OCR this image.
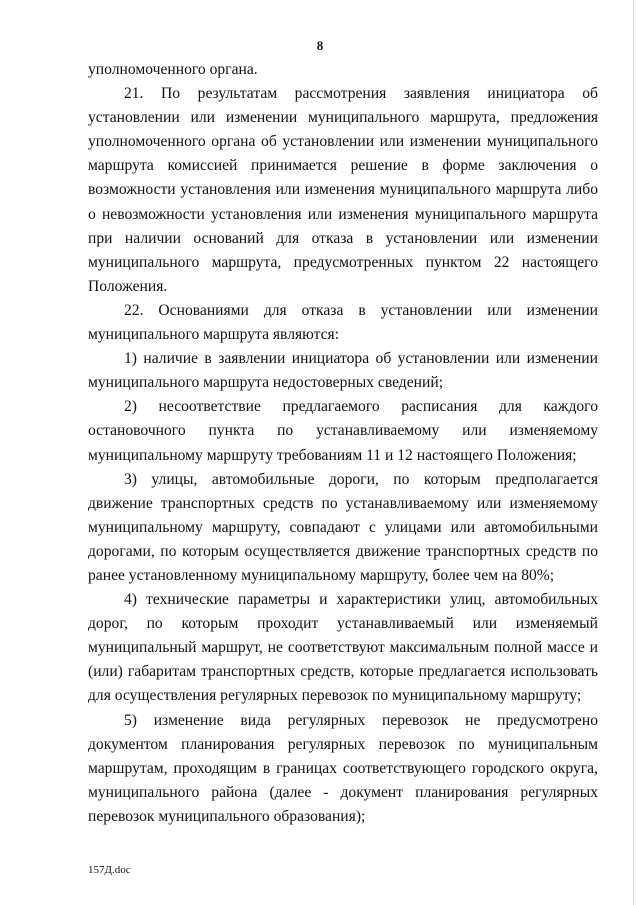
8

уполномоченного органа.

21. По результатам рассмотрения заявления инициатора об установлении или изменении муниципального маршрута, предложения уполномоченного органа об установлении или изменении муниципального маршрута комиссией принимается решение в форме заключения о возможности установления или изменения муниципального маршрута либо о невозможности установления или изменения муниципального маршрута при наличии оснований для отказа в установлении или изменении муниципального маршрута, предусмотренных пунктом 22 настоящего Положения.

22. Основаниями для отказа в установлении или изменении муниципального маршрута являются:

1) наличие в заявлении инициатора об установлении или изменении муниципального маршрута недостоверных сведений;

2) несоответствие предлагаемого расписания для каждого остановочного пункта по устанавливаемому или изменяемому муниципальному маршруту требованиям 11 и 12 настоящего Положения;

3) улицы, автомобильные дороги, по которым предполагается движение транспортных средств по устанавливаемому или изменяемому муниципальному маршруту, совпадают с улицами или автомобильными дорогами, по которым осуществляется движение транспортных средств по ранее установленному муниципальному маршруту, более чем на 80%;

4) технические параметры и характеристики улиц, автомобильных дорог, по которым проходит устанавливаемый или изменяемый муниципальный маршрут, не соответствуют максимальным полной массе и (или) габаритам транспортных средств, которые предлагается использовать для осуществления регулярных перевозок по муниципальному маршруту;

5) изменение вида регулярных перевозок не предусмотрено документом планирования регулярных перевозок по муниципальным маршрутам, проходящим в границах соответствующего городского округа, муниципального района (далее - документ планирования регулярных перевозок муниципального образования);

157Д.doc
